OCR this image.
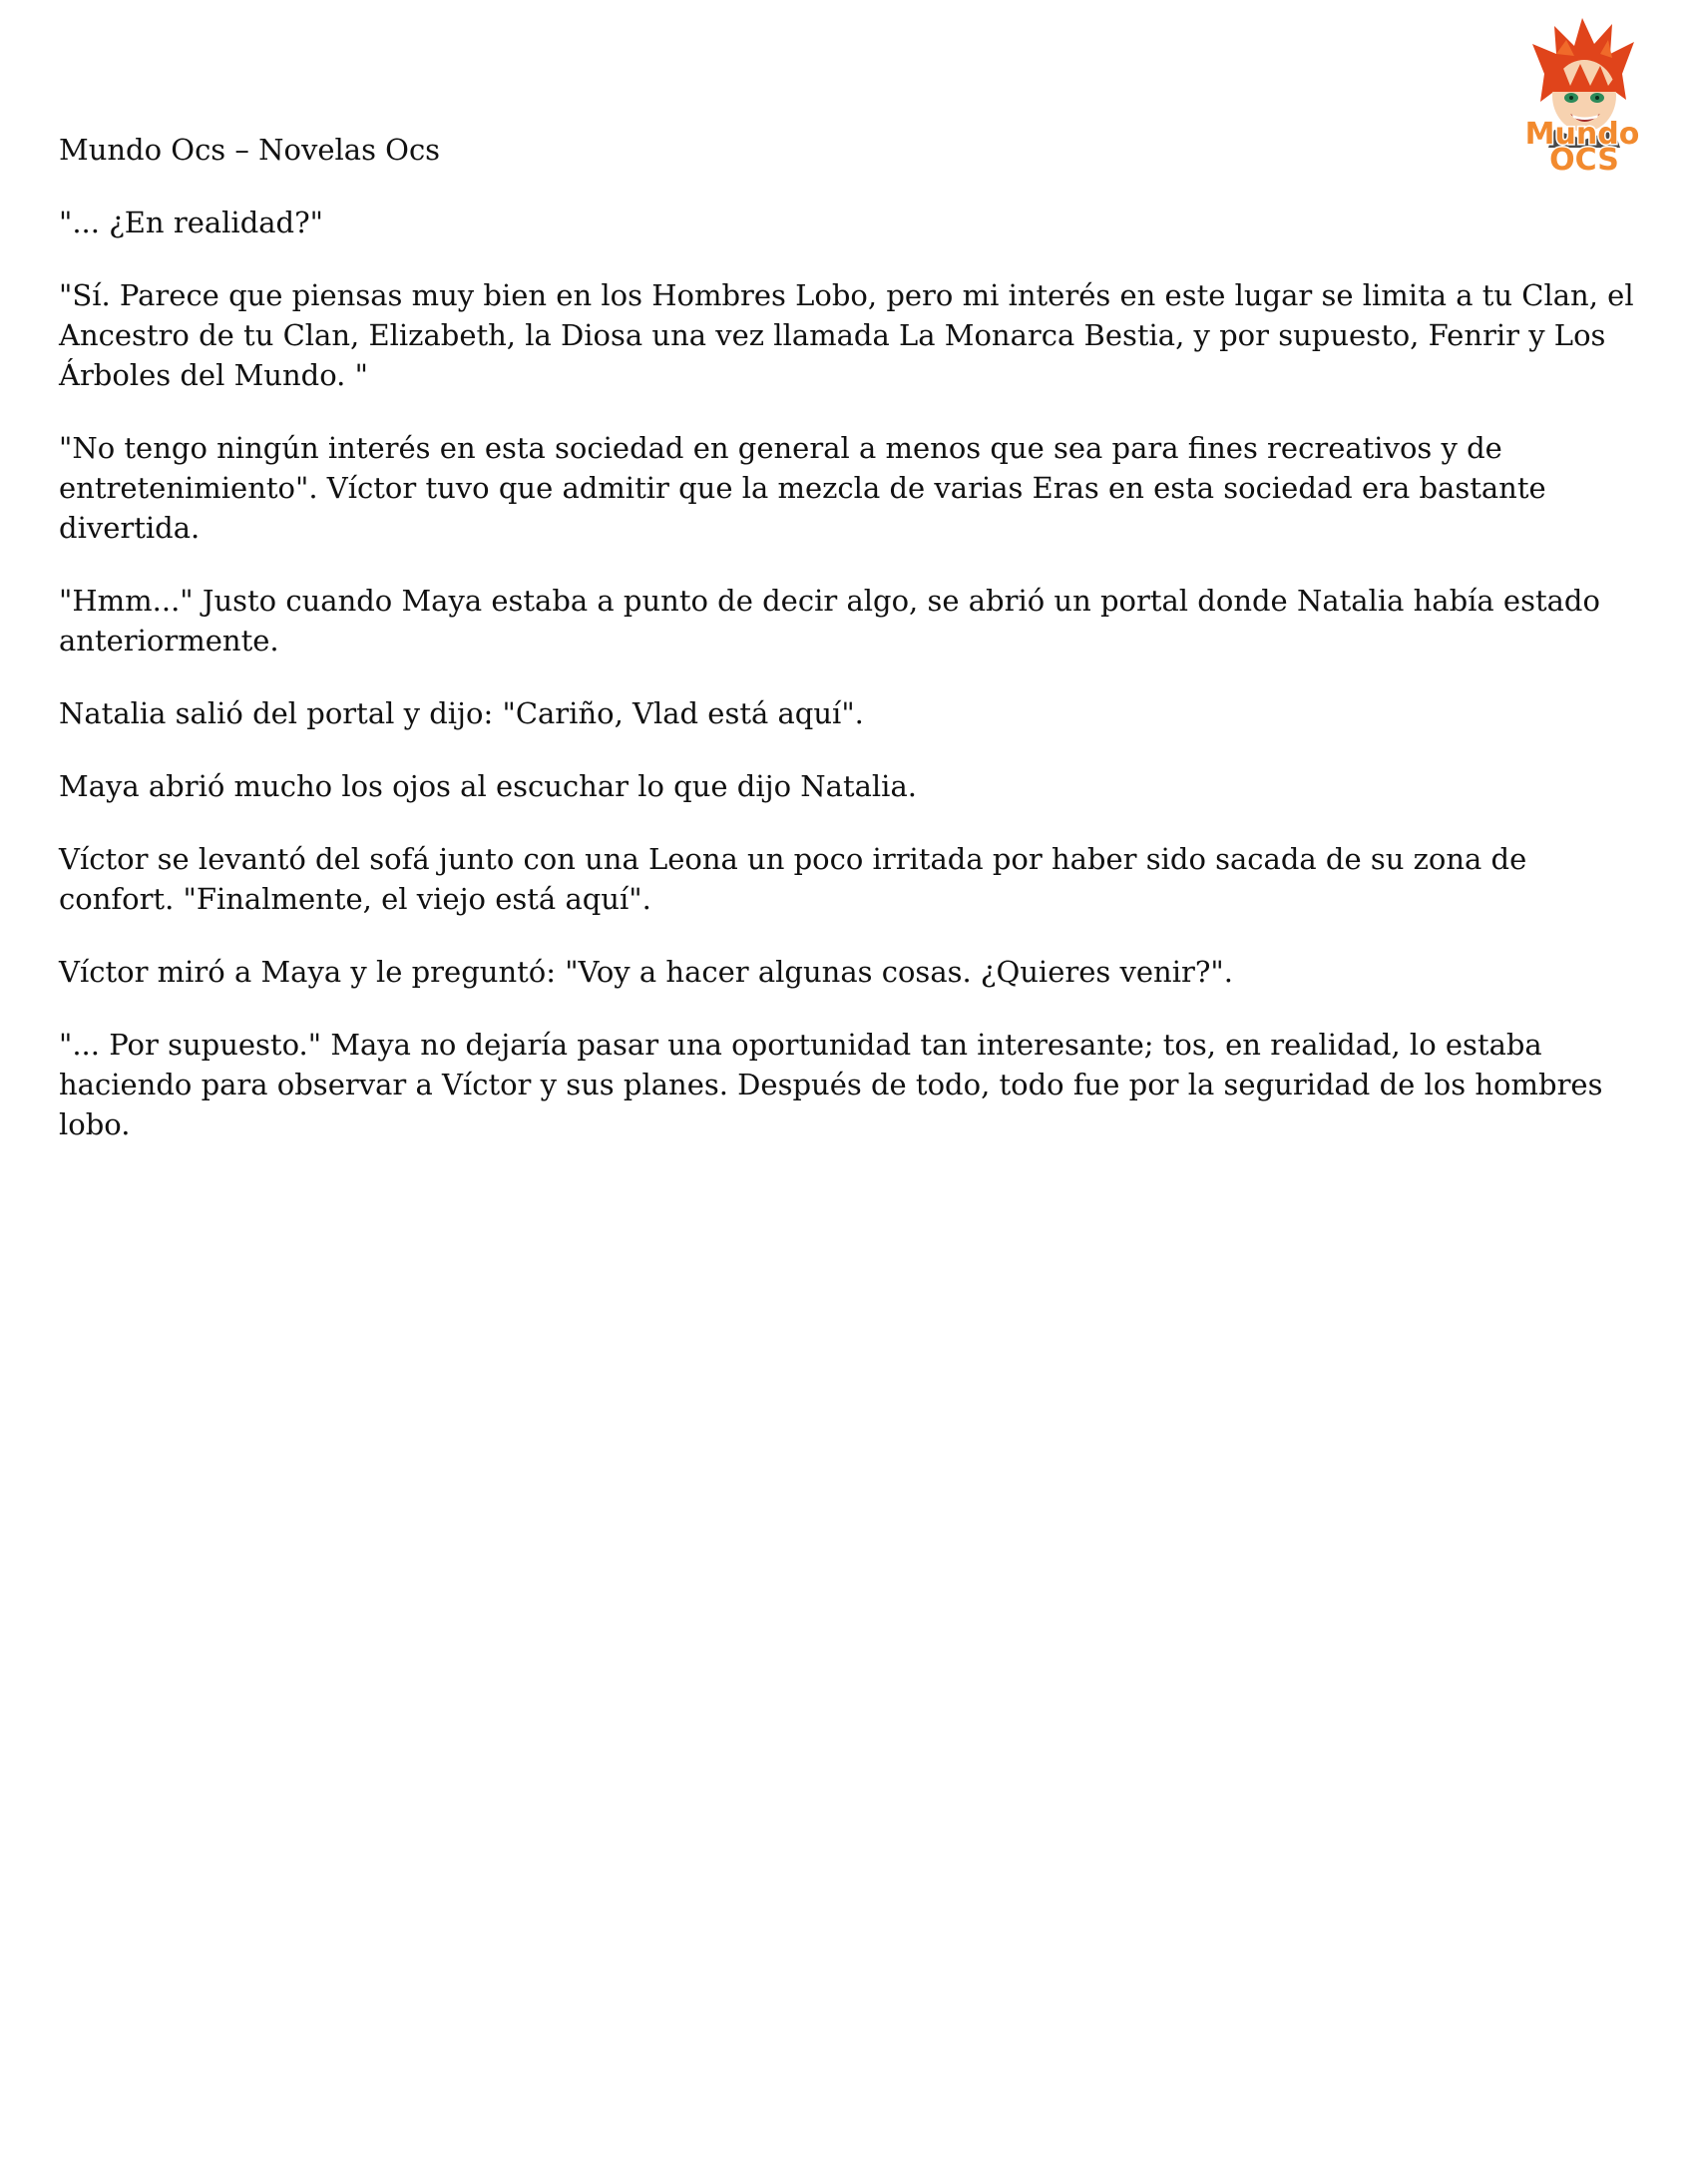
Mundo
OCS

Mundo Ocs – Novelas Ocs

"... ¿En realidad?"

"Sí. Parece que piensas muy bien en los Hombres Lobo, pero mi interés en este lugar se limita a tu Clan, el Ancestro de tu Clan, Elizabeth, la Diosa una vez llamada La Monarca Bestia, y por supuesto, Fenrir y Los Árboles del Mundo. "

"No tengo ningún interés en esta sociedad en general a menos que sea para fines recreativos y de entretenimiento". Víctor tuvo que admitir que la mezcla de varias Eras en esta sociedad era bastante divertida.

"Hmm..." Justo cuando Maya estaba a punto de decir algo, se abrió un portal donde Natalia había estado anteriormente.

Natalia salió del portal y dijo: "Cariño, Vlad está aquí".

Maya abrió mucho los ojos al escuchar lo que dijo Natalia.

Víctor se levantó del sofá junto con una Leona un poco irritada por haber sido sacada de su zona de confort. "Finalmente, el viejo está aquí".

Víctor miró a Maya y le preguntó: "Voy a hacer algunas cosas. ¿Quieres venir?".

"... Por supuesto." Maya no dejaría pasar una oportunidad tan interesante; tos, en realidad, lo estaba haciendo para observar a Víctor y sus planes. Después de todo, todo fue por la seguridad de los hombres lobo.
